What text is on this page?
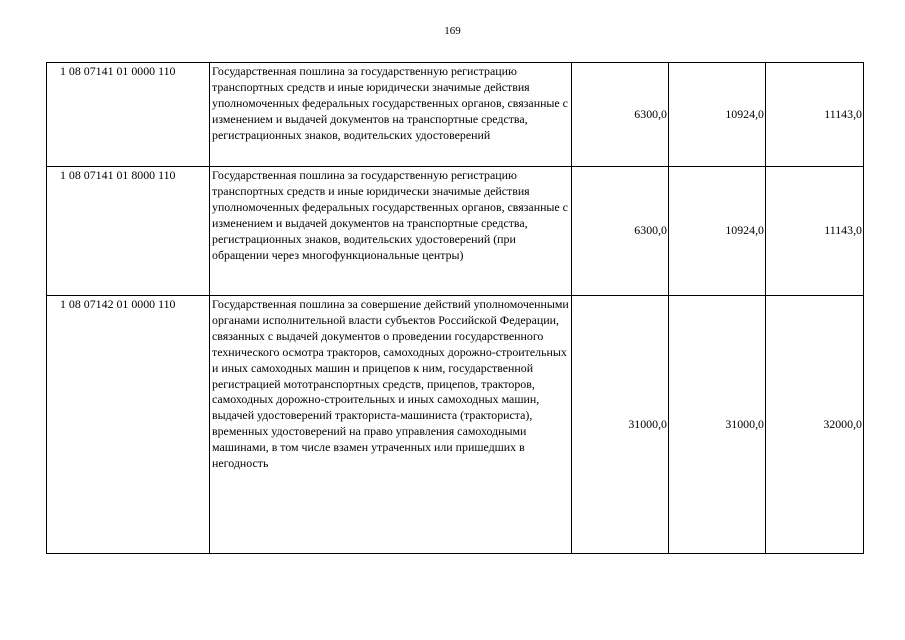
169
1 08 07141 01 0000 110	Государственная пошлина за государственную регистрацию транспортных средств и иные юридически значимые действия уполномоченных федеральных государственных органов, связанные с изменением и выдачей документов на транспортные средства, регистрационных знаков, водительских удостоверений	6300,0	10924,0	11143,0
1 08 07141 01 8000 110	Государственная пошлина за государственную регистрацию транспортных средств и иные юридически значимые действия уполномоченных федеральных государственных органов, связанные с изменением и выдачей документов на транспортные средства, регистрационных знаков, водительских удостоверений (при обращении через многофункциональные центры)	6300,0	10924,0	11143,0
1 08 07142 01 0000 110	Государственная пошлина за совершение действий уполномоченными органами исполнительной власти субъектов Российской Федерации, связанных с выдачей документов о проведении государственного технического осмотра тракторов, самоходных дорожно-строительных и иных самоходных машин и прицепов к ним, государственной регистрацией мототранспортных средств, прицепов, тракторов, самоходных дорожно-строительных и иных самоходных машин, выдачей удостоверений тракториста-машиниста (тракториста), временных удостоверений на право управления самоходными машинами, в том числе взамен утраченных или пришедших в негодность	31000,0	31000,0	32000,0
